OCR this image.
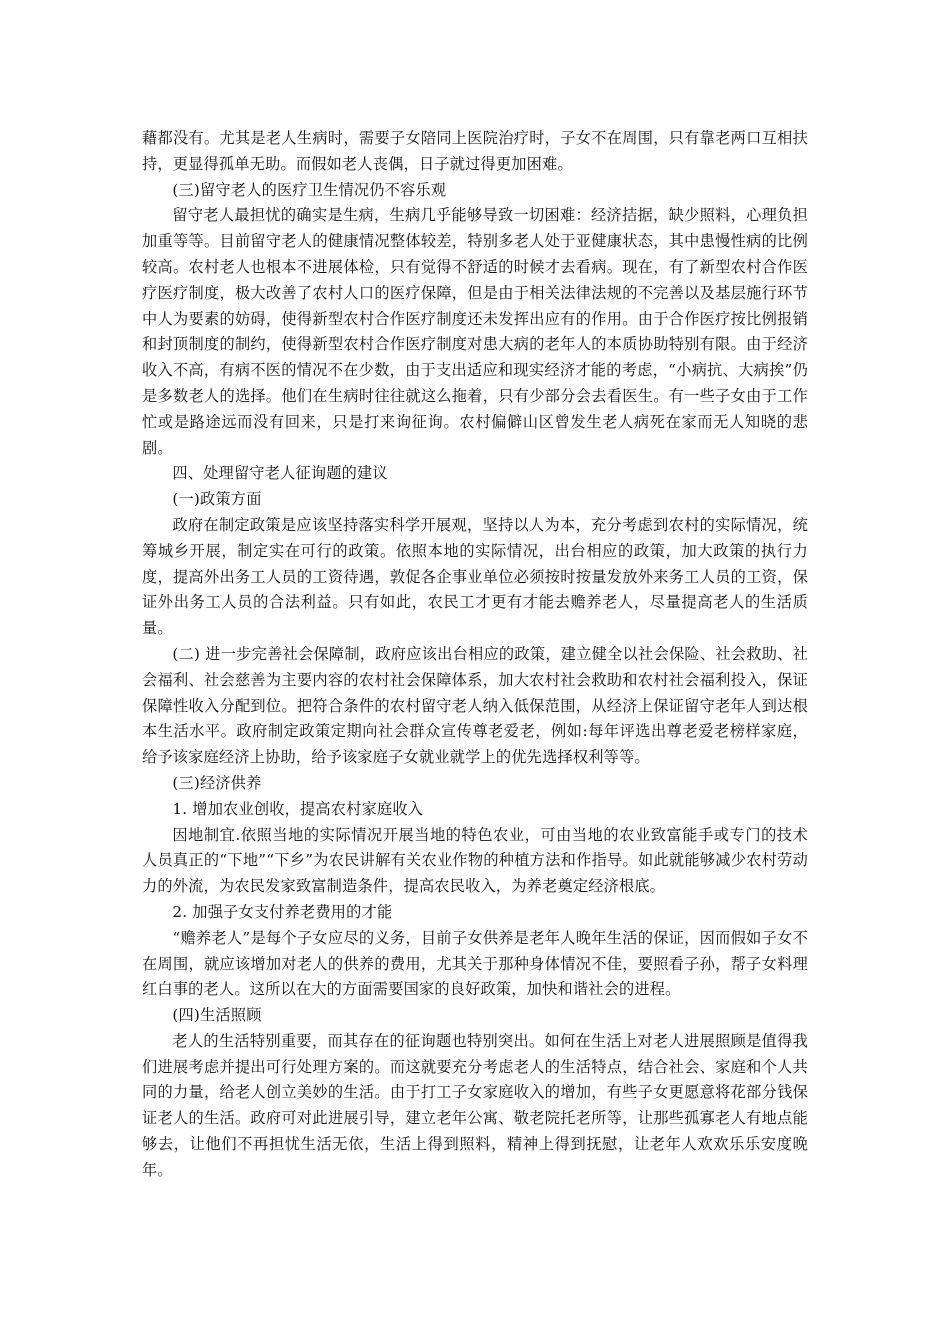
藉都没有。尤其是老人生病时，需要子女陪同上医院治疗时，子女不在周围，只有靠老两口互相扶持，更显得孤单无助。而假如老人丧偶，日子就过得更加困难。

(三)留守老人的医疗卫生情况仍不容乐观

留守老人最担忧的确实是生病，生病几乎能够导致一切困难：经济拮据，缺少照料，心理负担加重等等。目前留守老人的健康情况整体较差，特别多老人处于亚健康状态，其中患慢性病的比例较高。农村老人也根本不进展体检，只有觉得不舒适的时候才去看病。现在，有了新型农村合作医疗医疗制度，极大改善了农村人口的医疗保障，但是由于相关法律法规的不完善以及基层施行环节中人为要素的妨碍，使得新型农村合作医疗制度还未发挥出应有的作用。由于合作医疗按比例报销和封顶制度的制约，使得新型农村合作医疗制度对患大病的老年人的本质协助特别有限。由于经济收入不高，有病不医的情况不在少数，由于支出适应和现实经济才能的考虑，“小病抗、大病挨”仍是多数老人的选择。他们在生病时往往就这么拖着，只有少部分会去看医生。有一些子女由于工作忙或是路途远而没有回来，只是打来询征询。农村偏僻山区曾发生老人病死在家而无人知晓的悲剧。

四、处理留守老人征询题的建议

(一)政策方面

政府在制定政策是应该坚持落实科学开展观，坚持以人为本，充分考虑到农村的实际情况，统筹城乡开展，制定实在可行的政策。依照本地的实际情况，出台相应的政策，加大政策的执行力度，提高外出务工人员的工资待遇，敦促各企事业单位必须按时按量发放外来务工人员的工资，保证外出务工人员的合法利益。只有如此，农民工才更有才能去赡养老人，尽量提高老人的生活质量。

(二) 进一步完善社会保障制，政府应该出台相应的政策，建立健全以社会保险、社会救助、社会福利、社会慈善为主要内容的农村社会保障体系，加大农村社会救助和农村社会福利投入，保证保障性收入分配到位。把符合条件的农村留守老人纳入低保范围，从经济上保证留守老年人到达根本生活水平。政府制定政策定期向社会群众宣传尊老爱老，例如:每年评选出尊老爱老榜样家庭，给予该家庭经济上协助，给予该家庭子女就业就学上的优先选择权利等等。

(三)经济供养

1. 增加农业创收，提高农村家庭收入

因地制宜.依照当地的实际情况开展当地的特色农业，可由当地的农业致富能手或专门的技术人员真正的“下地”“下乡”为农民讲解有关农业作物的种植方法和作指导。如此就能够减少农村劳动力的外流，为农民发家致富制造条件，提高农民收入，为养老奠定经济根底。

2. 加强子女支付养老费用的才能

“赡养老人”是每个子女应尽的义务，目前子女供养是老年人晚年生活的保证，因而假如子女不在周围，就应该增加对老人的供养的费用，尤其关于那种身体情况不佳，要照看子孙，帮子女料理红白事的老人。这所以在大的方面需要国家的良好政策，加快和谐社会的进程。

(四)生活照顾

老人的生活特别重要，而其存在的征询题也特别突出。如何在生活上对老人进展照顾是值得我们进展考虑并提出可行处理方案的。而这就要充分考虑老人的生活特点，结合社会、家庭和个人共同的力量，给老人创立美妙的生活。由于打工子女家庭收入的增加，有些子女更愿意将花部分钱保证老人的生活。政府可对此进展引导，建立老年公寓、敬老院托老所等，让那些孤寡老人有地点能够去，让他们不再担忧生活无依，生活上得到照料，精神上得到抚慰，让老年人欢欢乐乐安度晚年。
